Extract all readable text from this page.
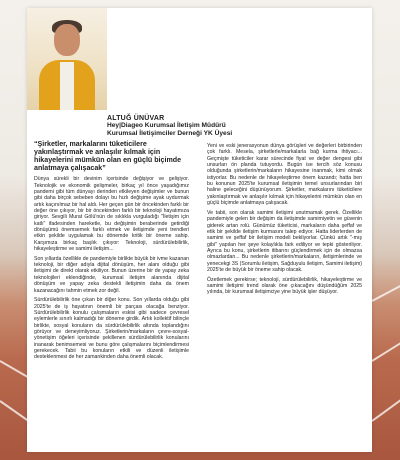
ALTUĞ ÜNÜVAR
Hey|Diageo Kurumsal İletişim Müdürü
Kurumsal İletişimciler Derneği YK Üyesi
“Şirketler, markalarını tüketicilere yakınlaştırmak ve anlaşılır kılmak için hikayelerini mümkün olan en güçlü biçimde anlatmaya çalışacak”

Dünya sürekli bir devinim içerisinde değişiyor ve gelişiyor. Teknolojik ve ekonomik gelişmeler, birkaç yıl önce yaşadığımız pandemi gibi tüm dünyayı derinden etkileyen değişimler ve bunun gibi daha birçok sebeben dolayı bu hızlı değişime ayak uydurmak artık kaçınılmaz bir hal aldı. Her geçen gün bir öncekinden farklı bir değer öne çıkıyor, bir bir öncekinden farklı bir teknoloji hayatımıza giriyor. Sevgili Murat Gölü'nün de sıklıkla vurguladığı "İletişim için katlı" ifadesinden hareketle, bu değişimin beraberinde getirdiği dönüşümü önemsemek farklı etmek ve iletişimde yeni trendleri etkin şekilde uygulamak bu dönemde kritik bir öneme sahip. Karşımıza birkaç başlık çıkıyor: Teknoloji, sürdürülebilirlik, hikayeleştirme ve samimi iletişim...

Son yıllarda özellikle de pandemiyle birlikte büyük bir ivme kazanan teknoloji, bir diğer adıyla dijital dönüşüm, her alanı olduğu gibi iletişimi de direkt olarak etkiliyor. Bunun üzerine bir de yapay zeka teknolojileri eklendiğinde, kurumsal iletişim alanında dijital dönüşüm ve yapay zeka destekli iletişimin daha da önem kazanacağını tahmin etmek zor değil.

Sürdürülebilirlik öne çıkan bir diğer konu. Son yıllarda olduğu gibi 2025'te de iş hayatının önemli bir parçası olacağa benziyor. Sürdürülebilirlik konulu çalışmaların eskisi gibi sadece çevresel eylemlerle sınırlı kalmadığı bir döneme girdik. Artık kollektif bilinçle birlikte, sosyal konuların da sürdürülebilirlik altında toplandığını görüyor ve deneyimliyoruz. Şirketlerin/markaların çevre-sosyal-yönetişim öğeleri içerisinde şekillenen sürdürülebilirlik konularını inanarak benimsemesi ve bunu göre çalışmalarını biçimlendirmesi gerekecek. Tabii bu konuların etkili ve düzenli iletişimle desteklenmesi de her zamankinden daha önemli olacak.

Yeni ve eski jenerasyonun dünya görüşleri ve değerleri birbirinden çok farklı. Mesela, şirketlerle/markalarla bağ kurma ihtiyacı... Geçmişte tüketiciler karar sürecinde fiyat ve değer dengesi gibi unsurları ön planda tutuyordu. Bugün ise tercih söz konusu olduğunda şirketlerin/markaların hikayesine inanmak, kimi olmak istiyorlar. Bu nedenle de hikayeleştirme önem kazandı; hatta ben bu konunun 2025'te kurumsal iletişimin temel unsurlarından biri haline geleceğini düşünüyorum. Şirketler, markalarını tüketicilere yakınlaştırmak ve anlaşılır kılmak için hikayelerini mümkün olan en güçlü biçimde anlatmaya çalışacak.

Ve tabii, son olarak samimi iletişimi unutmamak gerek. Özellikle pandemiyle gelen bir değişim da iletişimde samimiyetin ve güvenin giderek artan rolü. Günümüz tüketicisi, markaların daha şeffaf ve etik bir şekilde iletişim kurmasını talep ediyor. Hatta liderlerden de samimi ve şeffaf bir iletişim modeli bekliyorlar. Çünkü artık "-mış gibi" yapılan her şeye kolaylıkla fark ediliyor ve tepki gösteriliyor. Ayrıca bu konu, şirketlerin itibarını güçlendirmek için de olmazsa olmazlardan... Bu nedenle şirketlerin/markaların, iletişimlerinde ve yenecekgi 3S (Sorumlu iletişim, Sağduyulu iletişim, Samimi iletişim) 2025'te de büyük bir öneme sahip olacak.

Özetlemek gerekirse; teknoloji, sürdürülebilirlik, hikayeleştirme ve samimi iletişimi trend olarak öne çıkacağını düşündüğüm 2025 yılında, bir kurumsal iletişimciye yine büyük işler düşüyor.
